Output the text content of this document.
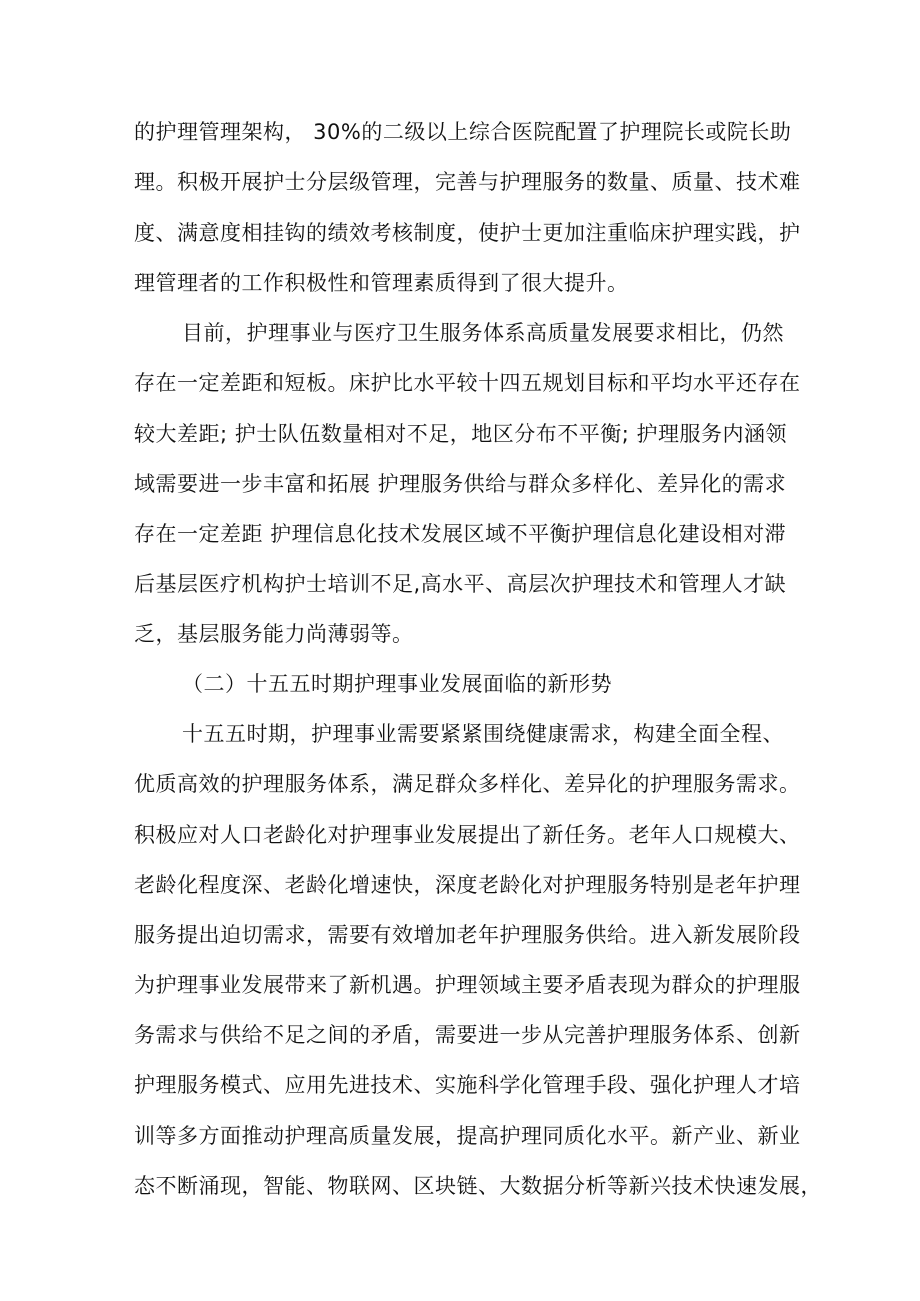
的护理管理架构， 30%的二级以上综合医院配置了护理院长或院长助
理。积极开展护士分层级管理，完善与护理服务的数量、质量、技术难
度、满意度相挂钩的绩效考核制度，使护士更加注重临床护理实践，护
理管理者的工作积极性和管理素质得到了很大提升。
目前，护理事业与医疗卫生服务体系高质量发展要求相比，仍然
存在一定差距和短板。床护比水平较十四五规划目标和平均水平还存在
较大差距; 护士队伍数量相对不足，地区分布不平衡; 护理服务内涵领
域需要进一步丰富和拓展 护理服务供给与群众多样化、差异化的需求
存在一定差距 护理信息化技术发展区域不平衡护理信息化建设相对滞
后基层医疗机构护士培训不足,高水平、高层次护理技术和管理人才缺
乏，基层服务能力尚薄弱等。
（二）十五五时期护理事业发展面临的新形势
十五五时期，护理事业需要紧紧围绕健康需求，构建全面全程、
优质高效的护理服务体系，满足群众多样化、差异化的护理服务需求。
积极应对人口老龄化对护理事业发展提出了新任务。老年人口规模大、
老龄化程度深、老龄化增速快，深度老龄化对护理服务特别是老年护理
服务提出迫切需求，需要有效增加老年护理服务供给。进入新发展阶段
为护理事业发展带来了新机遇。护理领域主要矛盾表现为群众的护理服
务需求与供给不足之间的矛盾，需要进一步从完善护理服务体系、创新
护理服务模式、应用先进技术、实施科学化管理手段、强化护理人才培
训等多方面推动护理高质量发展，提高护理同质化水平。新产业、新业
态不断涌现，智能、物联网、区块链、大数据分析等新兴技术快速发展，
